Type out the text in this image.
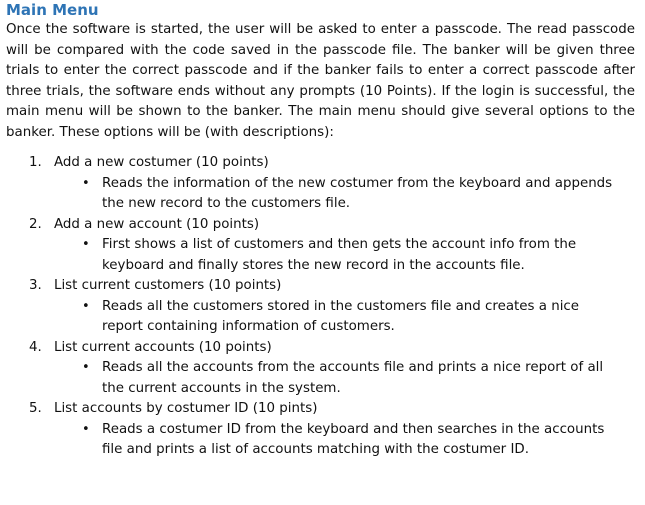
Main Menu

Once the software is started, the user will be asked to enter a passcode. The read passcode will be compared with the code saved in the passcode file. The banker will be given three trials to enter the correct passcode and if the banker fails to enter a correct passcode after three trials, the software ends without any prompts (10 Points). If the login is successful, the main menu will be shown to the banker. The main menu should give several options to the banker. These options will be (with descriptions):

1. Add a new costumer (10 points)
• Reads the information of the new costumer from the keyboard and appends the new record to the customers file.
2. Add a new account (10 points)
• First shows a list of customers and then gets the account info from the keyboard and finally stores the new record in the accounts file.
3. List current customers (10 points)
• Reads all the customers stored in the customers file and creates a nice report containing information of customers.
4. List current accounts (10 points)
• Reads all the accounts from the accounts file and prints a nice report of all the current accounts in the system.
5. List accounts by costumer ID (10 pints)
• Reads a costumer ID from the keyboard and then searches in the accounts file and prints a list of accounts matching with the costumer ID.
